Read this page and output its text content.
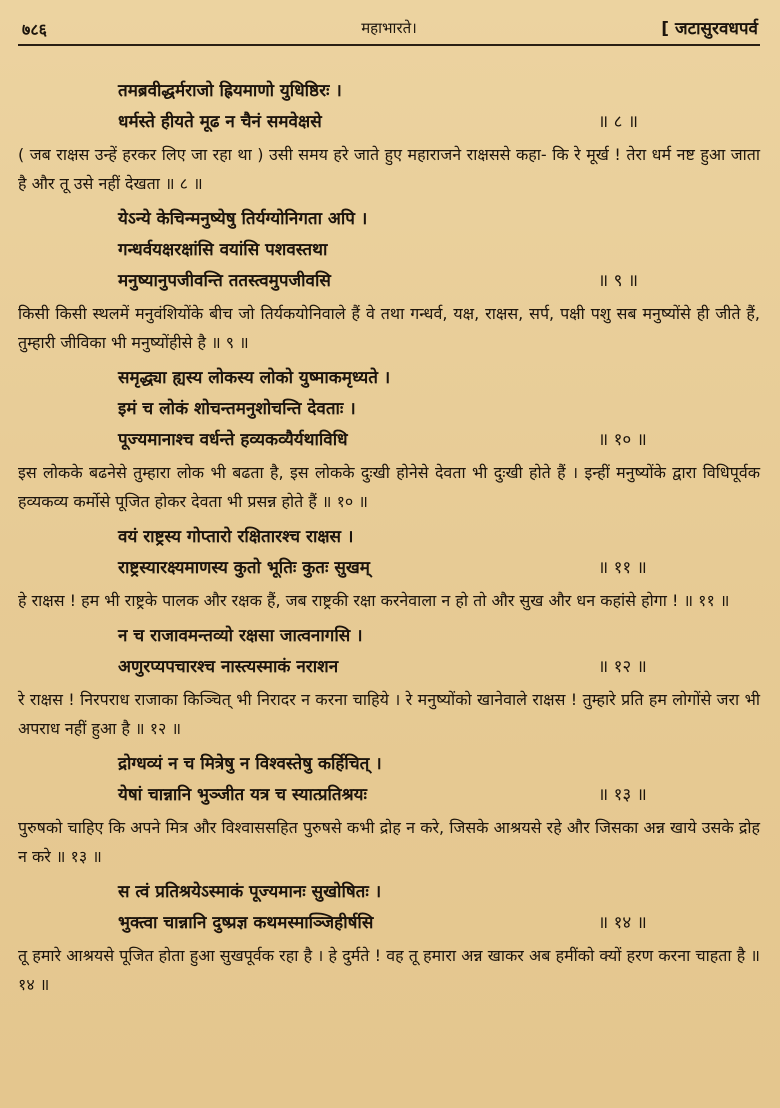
७८६	महाभारते।	[ जटासुरवधपर्व
तमब्रवीद्धर्मराजो ह्रियमाणो युधिष्ठिरः ।
धर्मस्ते हीयते मूढ न चैनं समवेक्षसे	॥ ८ ॥
( जब राक्षस उन्हें हरकर लिए जा रहा था ) उसी समय हरे जाते हुए महाराजने राक्षससे कहा- कि रे मूर्ख ! तेरा धर्म नष्ट हुआ जाता है और तू उसे नहीं देखता ॥ ८ ॥
येऽन्ये केचिन्मनुष्येषु तिर्यग्योनिगता अपि ।
गन्धर्वयक्षरक्षांसि वयांसि पशवस्तथा
मनुष्यानुपजीवन्ति ततस्त्वमुपजीवसि	॥ ९ ॥
किसी किसी स्थलमें मनुवंशियोंके बीच जो तिर्यकयोनिवाले हैं वे तथा गन्धर्व, यक्ष, राक्षस, सर्प, पक्षी पशु सब मनुष्योंसे ही जीते हैं, तुम्हारी जीविका भी मनुष्योंहीसे है ॥ ९ ॥
समृद्ध्या ह्यस्य लोकस्य लोको युष्माकमृध्यते ।
इमं च लोकं शोचन्तमनुशोचन्ति देवताः ।
पूज्यमानाश्च वर्धन्ते हव्यकव्यैर्यथाविधि	॥ १० ॥
इस लोकके बढनेसे तुम्हारा लोक भी बढता है, इस लोकके दुःखी होनेसे देवता भी दुःखी होते हैं । इन्हीं मनुष्योंके द्वारा विधिपूर्वक हव्यकव्य कर्मोसे पूजित होकर देवता भी प्रसन्न होते हैं ॥ १० ॥
वयं राष्ट्रस्य गोप्तारो रक्षितारश्च राक्षस ।
राष्ट्रस्यारक्ष्यमाणस्य कुतो भूतिः कुतः सुखम्	॥ ११ ॥
हे राक्षस ! हम भी राष्ट्रके पालक और रक्षक हैं, जब राष्ट्रकी रक्षा करनेवाला न हो तो और सुख और धन कहांसे होगा ! ॥ ११ ॥
न च राजावमन्तव्यो रक्षसा जात्वनागसि ।
अणुरप्यपचारश्च नास्त्यस्माकं नराशन	॥ १२ ॥
रे राक्षस ! निरपराध राजाका किञ्चित् भी निरादर न करना चाहिये । रे मनुष्योंको खानेवाले राक्षस ! तुम्हारे प्रति हम लोगोंसे जरा भी अपराध नहीं हुआ है ॥ १२ ॥
द्रोग्धव्यं न च मित्रेषु न विश्वस्तेषु कर्हिचित् ।
येषां चान्नानि भुञ्जीत यत्र च स्यात्प्रतिश्रयः	॥ १३ ॥
पुरुषको चाहिए कि अपने मित्र और विश्वाससहित पुरुषसे कभी द्रोह न करे, जिसके आश्रयसे रहे और जिसका अन्न खाये उसके द्रोह न करे ॥ १३ ॥
स त्वं प्रतिश्रयेऽस्माकं पूज्यमानः सुखोषितः ।
भुक्त्वा चान्नानि दुष्प्रज्ञ कथमस्माञ्जिहीर्षसि	॥ १४ ॥
तू हमारे आश्रयसे पूजित होता हुआ सुखपूर्वक रहा है । हे दुर्मते ! वह तू हमारा अन्न खाकर अब हमींको क्यों हरण करना चाहता है ॥ १४ ॥
